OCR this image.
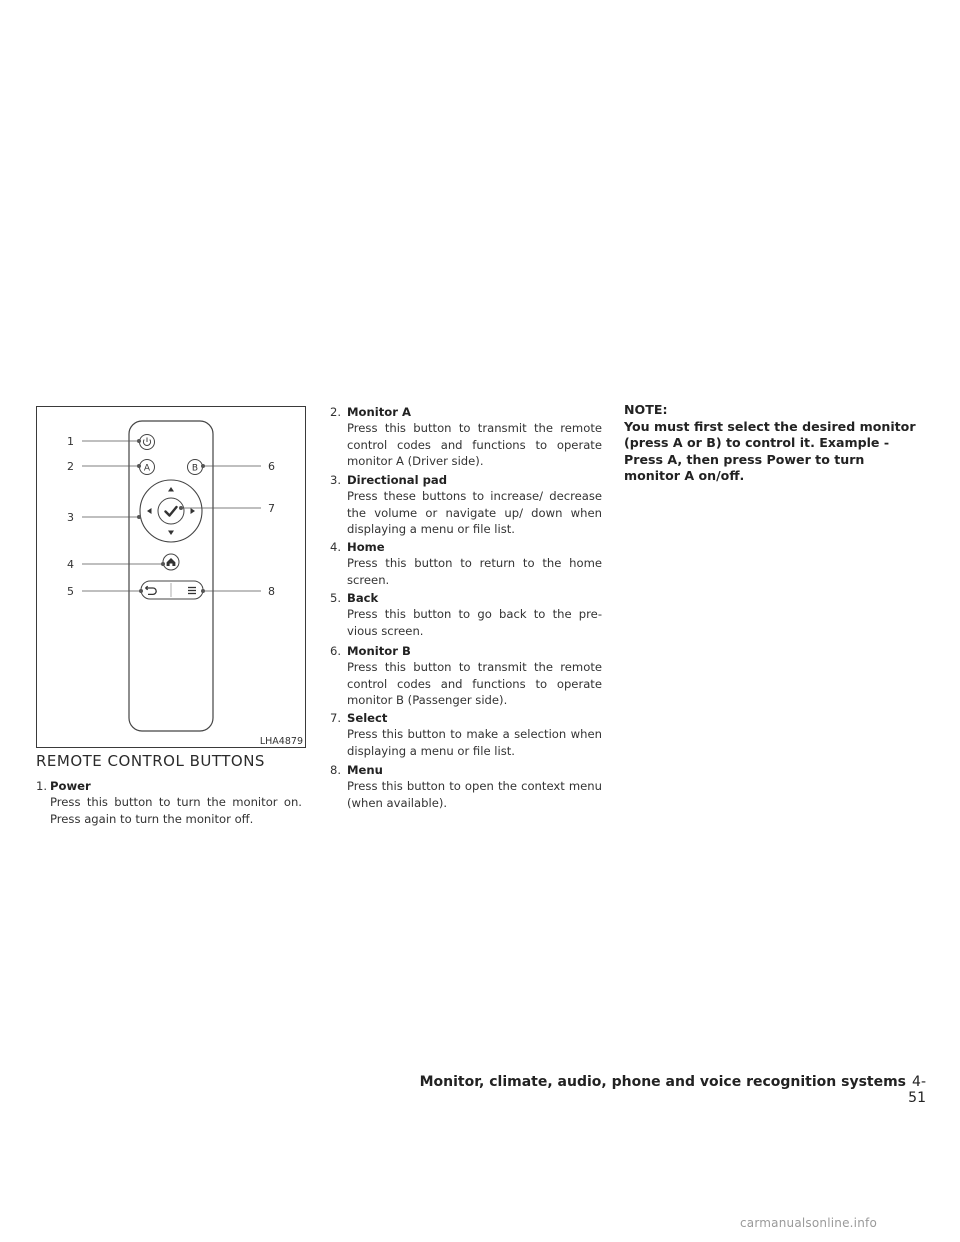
A	B
1
2
3
4
5
6
7
8
LHA4879
REMOTE CONTROL BUTTONS
1. Power
Press this button to turn the monitor on. Press again to turn the monitor off.
2. Monitor A
Press this button to transmit the remote control codes and functions to operate monitor A (Driver side).
3. Directional pad
Press these buttons to increase/ decrease the volume or navigate up/ down when displaying a menu or file list.
4. Home
Press this button to return to the home screen.
5. Back
Press this button to go back to the pre- vious screen.
6. Monitor B
Press this button to transmit the remote control codes and functions to operate monitor B (Passenger side).
7. Select
Press this button to make a selection when displaying a menu or file list.
8. Menu
Press this button to open the context menu (when available).
NOTE:
You must first select the desired monitor (press A or B) to control it. Example - Press A, then press Power to turn monitor A on/off.
Monitor, climate, audio, phone and voice recognition systems 4-51
carmanualsonline.info
